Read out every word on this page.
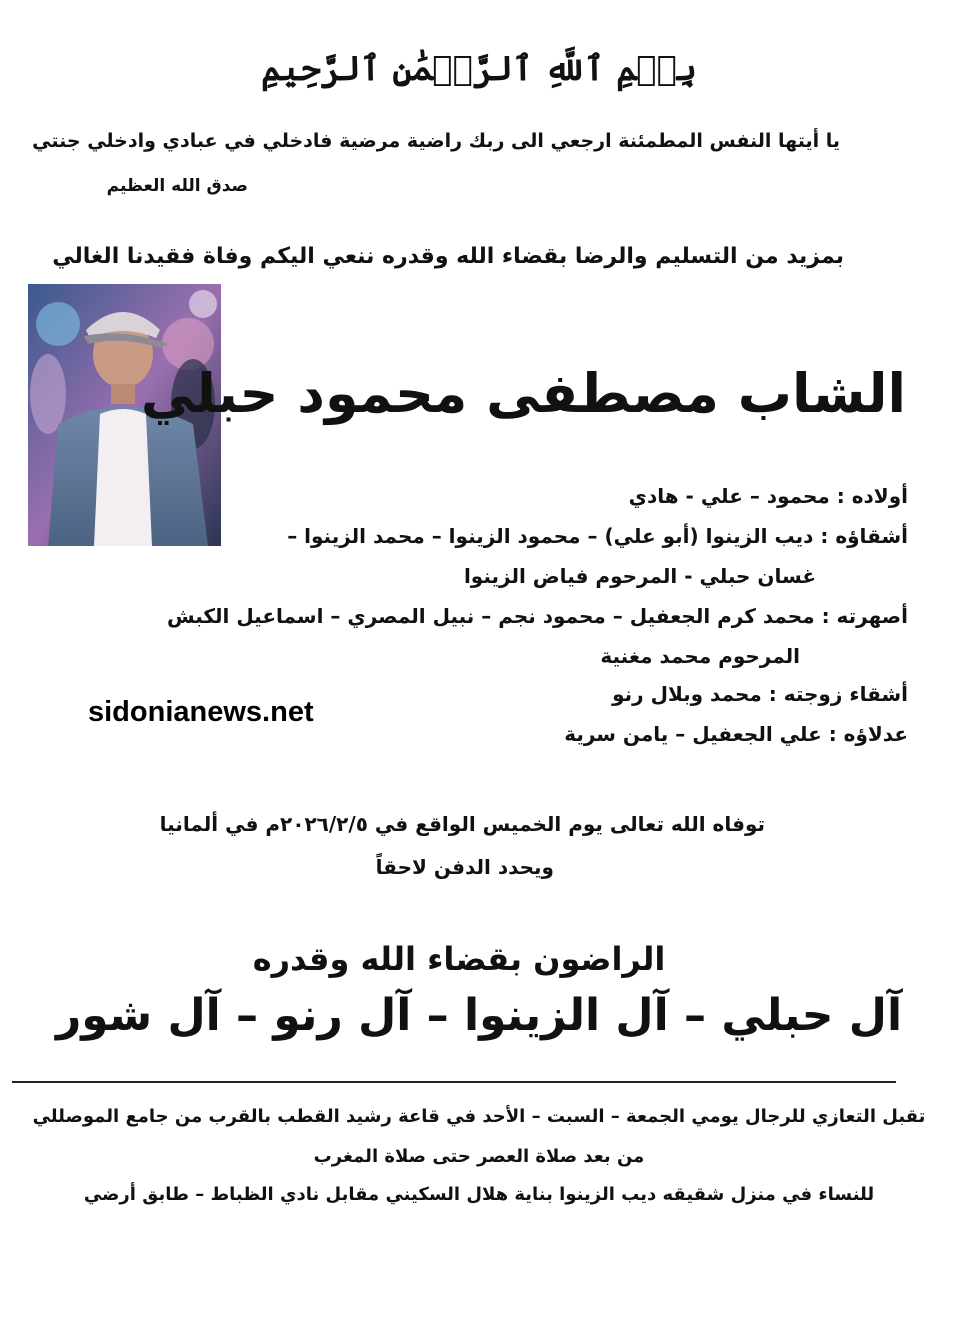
بِسۡمِ ٱللَّهِ ٱلرَّحۡمَٰنِ ٱلرَّحِيمِ
يا أيتها النفس المطمئنة ارجعي الى ربك راضية مرضية فادخلي في عبادي وادخلي جنتي
صدق الله العظيم
بمزيد من التسليم والرضا بقضاء الله وقدره ننعي اليكم وفاة فقيدنا الغالي
الشاب مصطفى محمود حبلي
أولاده : محمود – علي - هادي
أشقاؤه : ديب الزينوا (أبو علي) – محمود الزينوا – محمد الزينوا –
غسان حبلي - المرحوم فياض الزينوا
أصهرته : محمد كرم الجعفيل – محمود نجم – نبيل المصري – اسماعيل الكبش
المرحوم محمد مغنية
أشقاء زوجته : محمد وبلال رنو
عدلاؤه : علي الجعفيل – يامن سرية
sidonianews.net
توفاه الله تعالى يوم الخميس الواقع في ٢٠٢٦/٢/٥م في ألمانيا
ويحدد الدفن لاحقاً
الراضون بقضاء الله وقدره
آل حبلي – آل الزينوا – آل رنو – آل شور
تقبل التعازي للرجال يومي الجمعة – السبت – الأحد في قاعة رشيد القطب بالقرب من جامع الموصللي
من بعد صلاة العصر حتى صلاة المغرب
للنساء في منزل شقيقه ديب الزينوا بناية هلال السكيني مقابل نادي الظباط – طابق أرضي
